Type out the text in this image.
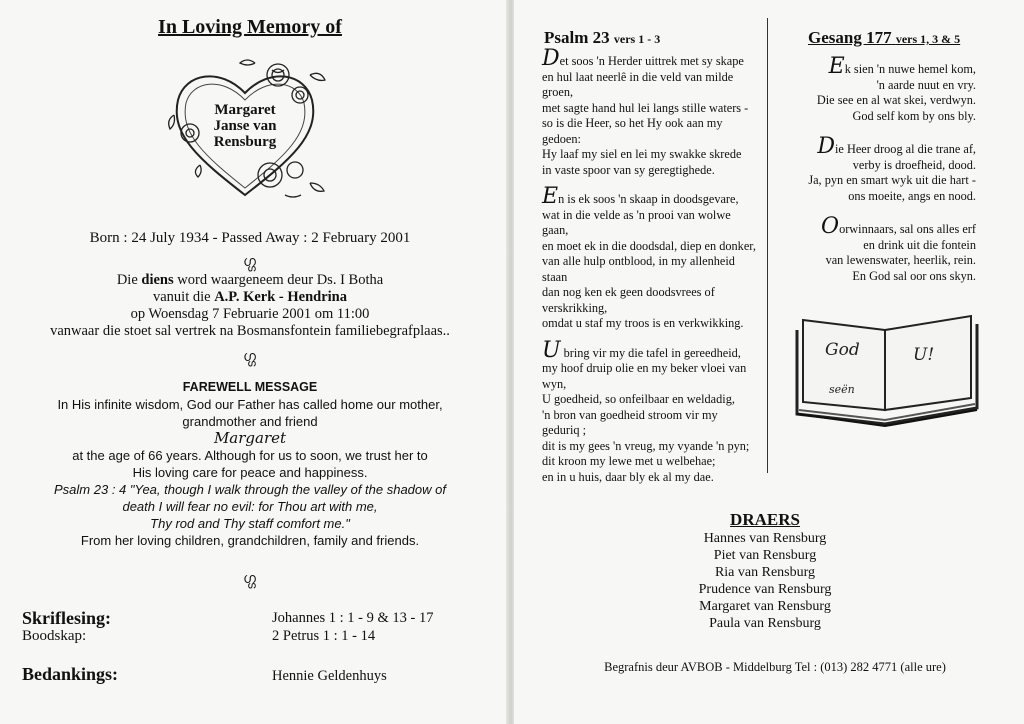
In Loving Memory of
Margaret
Janse van
Rensburg
Born : 24 July 1934 - Passed Away : 2 February 2001
ഗ്ഗ
Die diens word waargeneem deur Ds. I Botha
vanuit die A.P. Kerk - Hendrina
op Woensdag 7 Februarie 2001 om 11:00
vanwaar die stoet sal vertrek na Bosmansfontein familiebegrafplaas..
ഗ്ഗ
FAREWELL MESSAGE
In His infinite wisdom, God our Father has called home our mother,
grandmother and friend
Margaret
at the age of 66 years. Although for us to soon, we trust her to
His loving care for peace and happiness.
Psalm 23 : 4 "Yea, though I walk through the valley of the shadow of
death I will fear no evil: for Thou art with me,
Thy rod and Thy staff comfort me."
From her loving children, grandchildren, family and friends.
ഗ്ഗ
Skriflesing:	Johannes 1 : 1 - 9 & 13 - 17
Boodskap:	2 Petrus 1 : 1 - 14
Bedankings:	Hennie Geldenhuys
Psalm 23 vers 1 - 3

Det soos 'n Herder uittrek met sy skape
en hul laat neerlê in die veld van milde
groen,
met sagte hand hul lei langs stille waters -
so is die Heer, so het Hy ook aan my
gedoen:
Hy laaf my siel en lei my swakke skrede
in vaste spoor van sy geregtighede.

En is ek soos 'n skaap in doodsgevare,
wat in die velde as 'n prooi van wolwe
gaan,
en moet ek in die doodsdal, diep en donker,
van alle hulp ontblood, in my allenheid
staan
dan nog ken ek geen doodsvrees of
verskrikking,
omdat u staf my troos is en verkwikking.

U bring vir my die tafel in gereedheid,
my hoof druip olie en my beker vloei van
wyn,
U goedheid, so onfeilbaar en weldadig,
'n bron van goedheid stroom vir my
geduriq ;
dit is my gees 'n vreug, my vyande 'n pyn;
dit kroon my lewe met u welbehae;
en in u huis, daar bly ek al my dae.

Gesang 177 vers 1, 3 & 5

Ek sien 'n nuwe hemel kom,
'n aarde nuut en vry.
Die see en al wat skei, verdwyn.
God self kom by ons bly.

Die Heer droog al die trane af,
verby is droefheid, dood.
Ja, pyn en smart wyk uit die hart -
ons moeite, angs en nood.

Oorwinnaars, sal ons alles erf
en drink uit die fontein
van lewenswater, heerlik, rein.
En God sal oor ons skyn.

God	U!
seën
DRAERS
Hannes van Rensburg
Piet van Rensburg
Ria van Rensburg
Prudence van Rensburg
Margaret van Rensburg
Paula van Rensburg
Begrafnis deur AVBOB - Middelburg Tel : (013) 282 4771 (alle ure)
